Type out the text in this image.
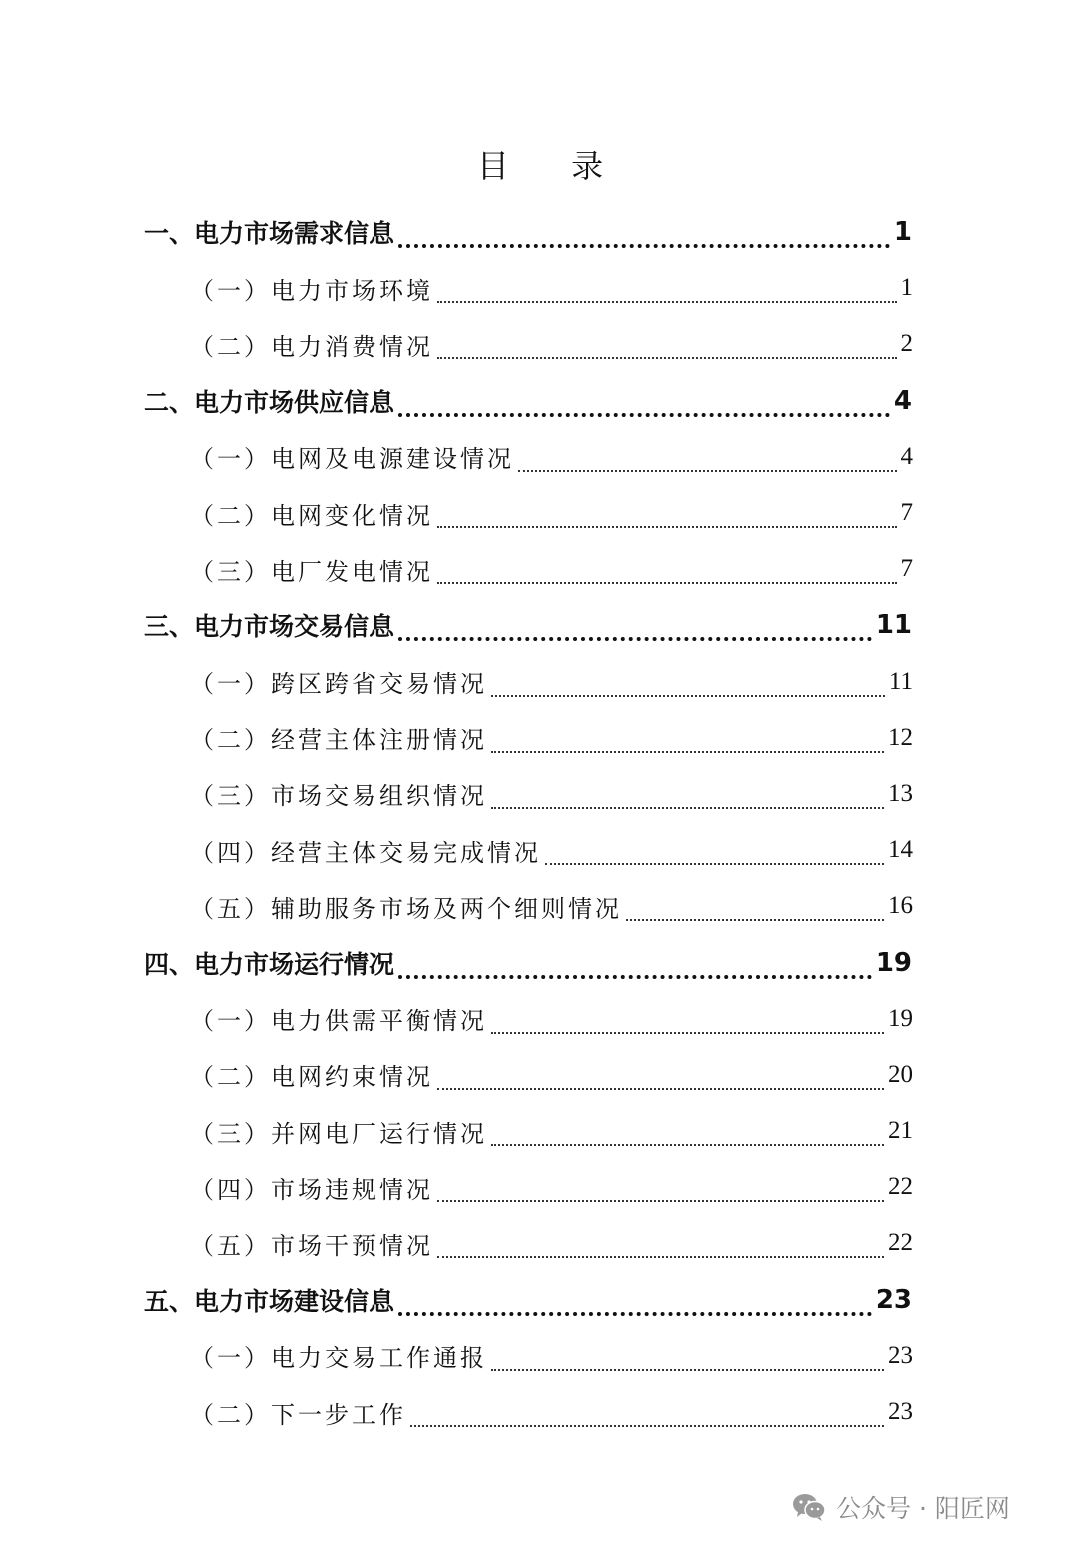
目 录
一、电力市场需求信息	1
（一）电力市场环境	1
（二）电力消费情况	2
二、电力市场供应信息	4
（一）电网及电源建设情况	4
（二）电网变化情况	7
（三）电厂发电情况	7
三、电力市场交易信息	11
（一）跨区跨省交易情况	11
（二）经营主体注册情况	12
（三）市场交易组织情况	13
（四）经营主体交易完成情况	14
（五）辅助服务市场及两个细则情况	16
四、电力市场运行情况	19
（一）电力供需平衡情况	19
（二）电网约束情况	20
（三）并网电厂运行情况	21
（四）市场违规情况	22
（五）市场干预情况	22
五、电力市场建设信息	23
（一）电力交易工作通报	23
（二）下一步工作	23
公众号 · 阳匠网
